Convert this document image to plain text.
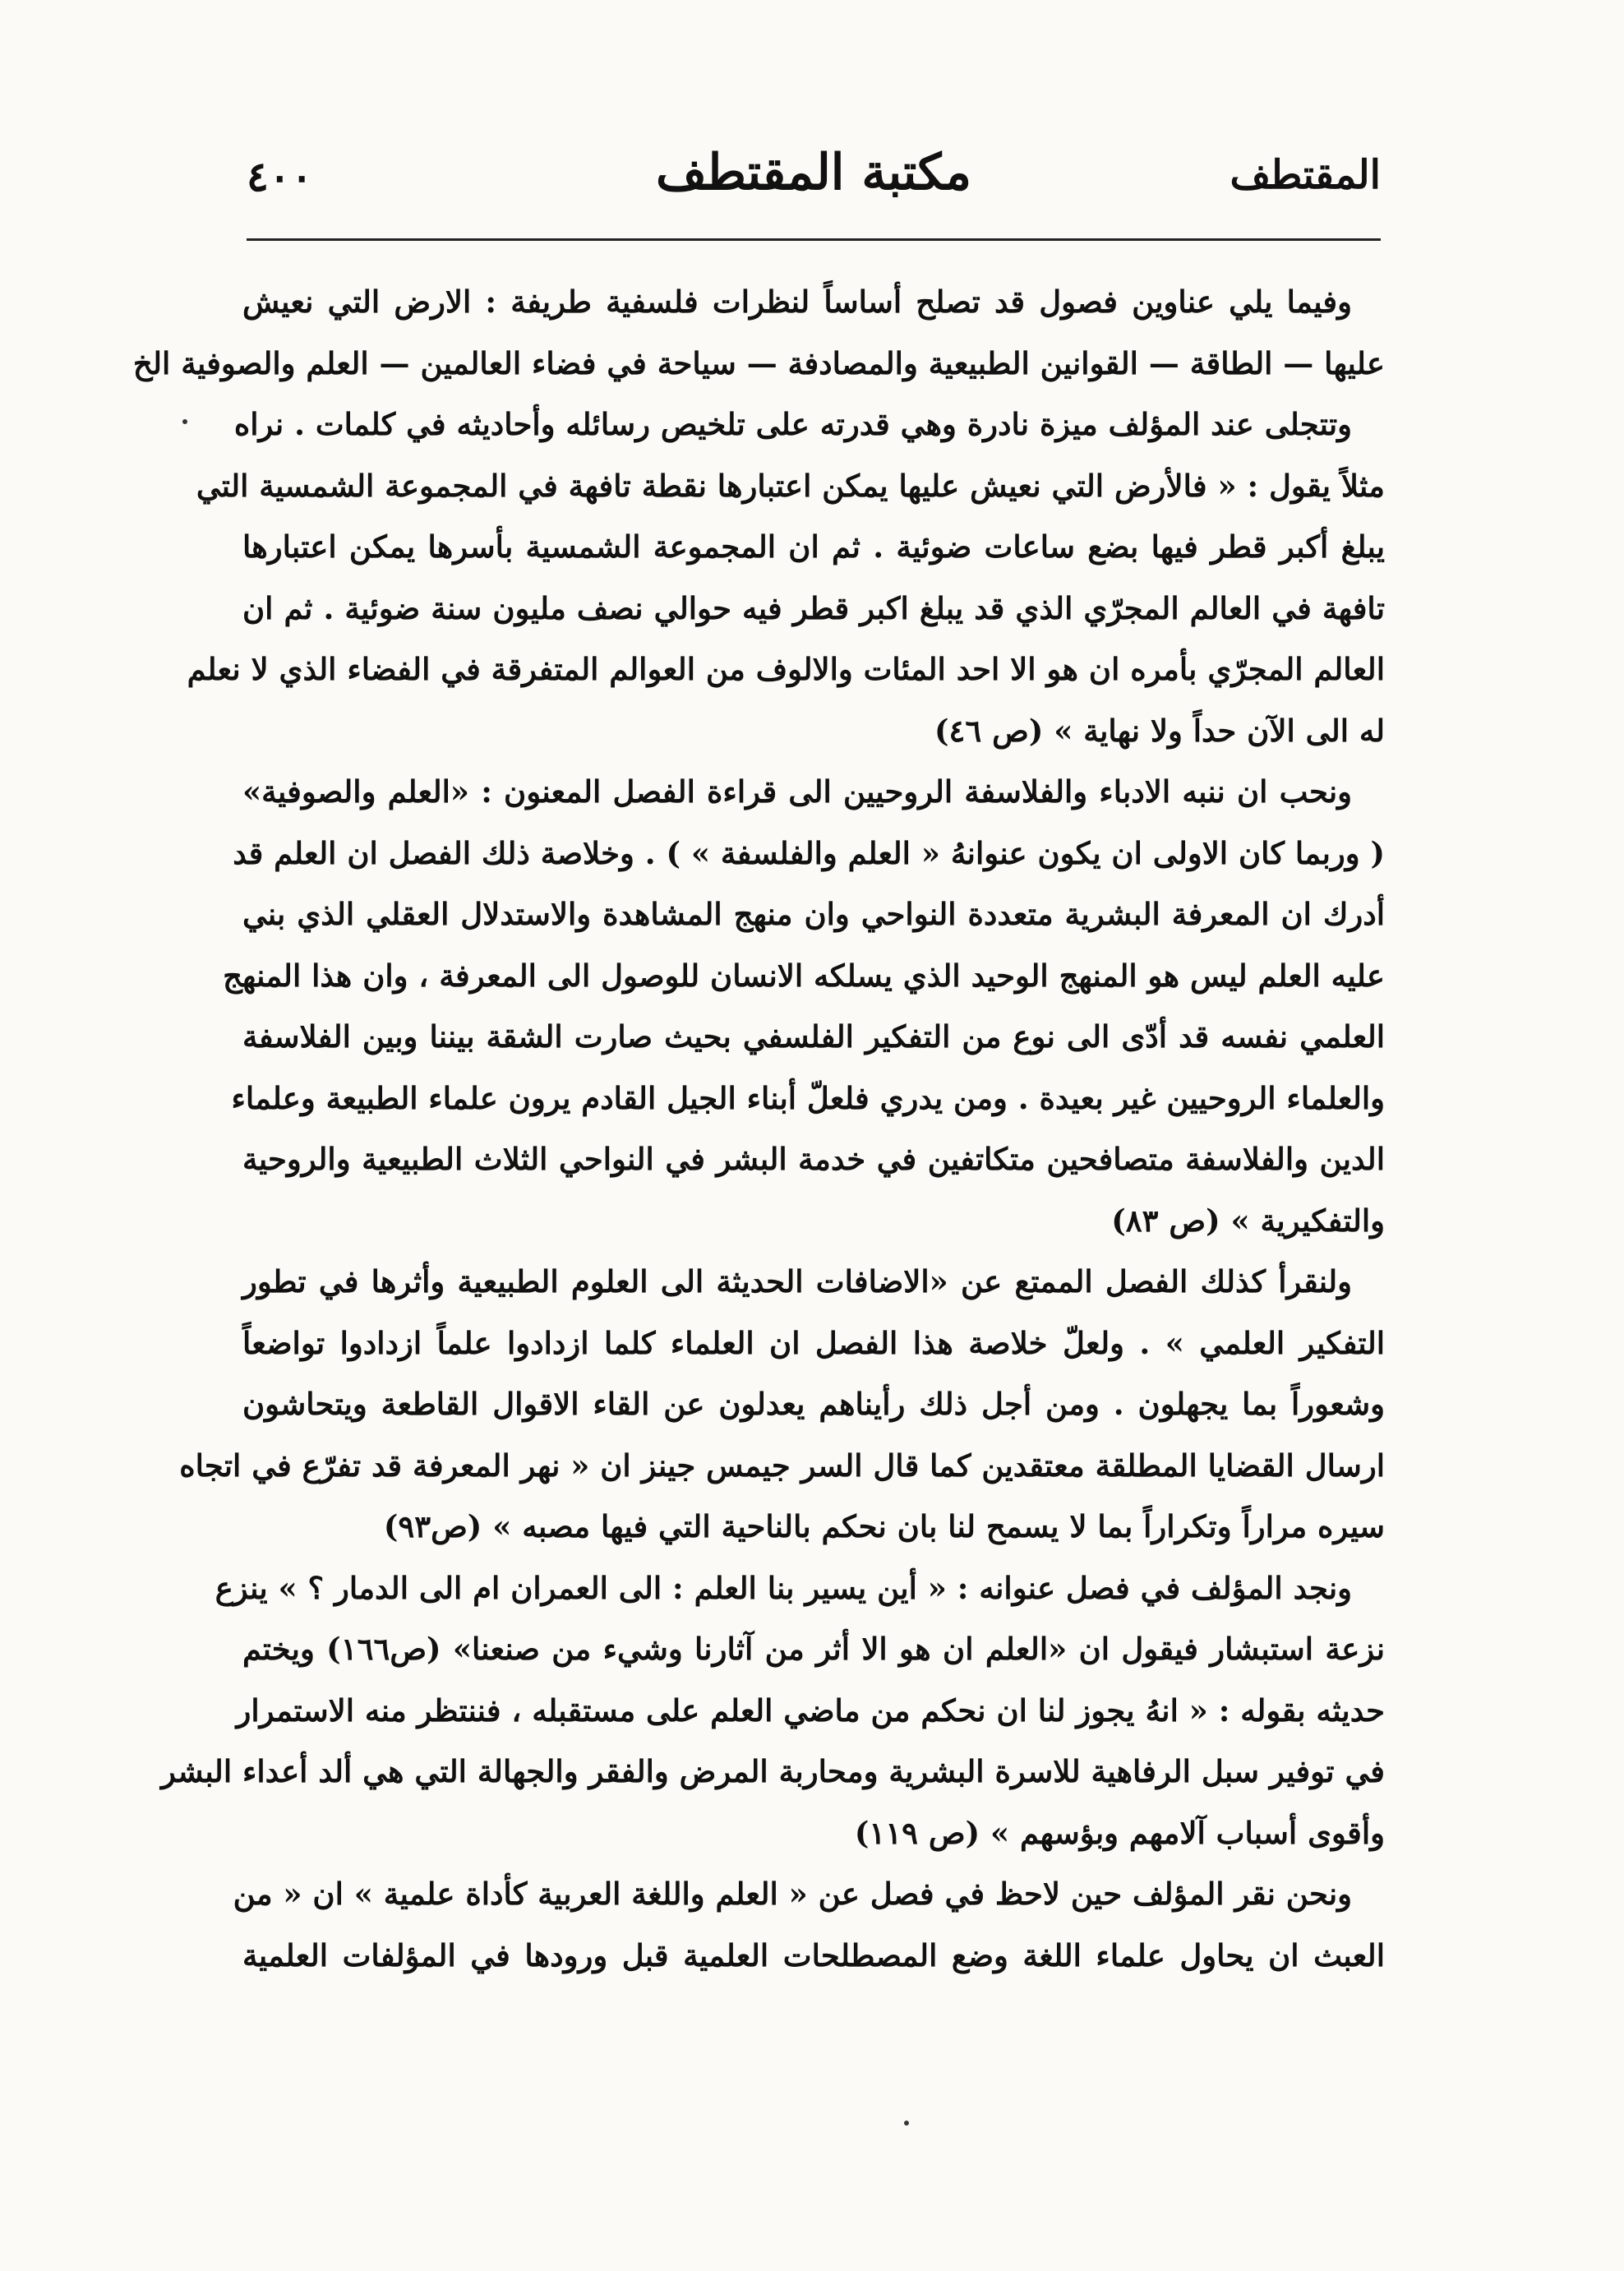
المقتطف
مكتبة المقتطف
٤٠٠
وفيما يلي عناوين فصول قد تصلح أساساً لنظرات فلسفية طريفة : الارض التي نعيش
عليها — الطاقة — القوانين الطبيعية والمصادفة — سياحة في فضاء العالمين — العلم والصوفية الخ
وتتجلى عند المؤلف ميزة نادرة وهي قدرته على تلخيص رسائله وأحاديثه في كلمات . نراه
مثلاً يقول : « فالأرض التي نعيش عليها يمكن اعتبارها نقطة تافهة في المجموعة الشمسية التي
يبلغ أكبر قطر فيها بضع ساعات ضوئية . ثم ان المجموعة الشمسية بأسرها يمكن اعتبارها
تافهة في العالم المجرّي الذي قد يبلغ اكبر قطر فيه حوالي نصف مليون سنة ضوئية . ثم ان
العالم المجرّي بأمره ان هو الا احد المئات والالوف من العوالم المتفرقة في الفضاء الذي لا نعلم
له الى الآن حداً ولا نهاية » (ص ٤٦)
ونحب ان ننبه الادباء والفلاسفة الروحيين الى قراءة الفصل المعنون : «العلم والصوفية»
( وربما كان الاولى ان يكون عنوانهُ « العلم والفلسفة » ) . وخلاصة ذلك الفصل ان العلم قد
أدرك ان المعرفة البشرية متعددة النواحي وان منهج المشاهدة والاستدلال العقلي الذي بني
عليه العلم ليس هو المنهج الوحيد الذي يسلكه الانسان للوصول الى المعرفة ، وان هذا المنهج
العلمي نفسه قد أدّى الى نوع من التفكير الفلسفي بحيث صارت الشقة بيننا وبين الفلاسفة
والعلماء الروحيين غير بعيدة . ومن يدري فلعلّ أبناء الجيل القادم يرون علماء الطبيعة وعلماء
الدين والفلاسفة متصافحين متكاتفين في خدمة البشر في النواحي الثلاث الطبيعية والروحية
والتفكيرية » (ص ٨٣)
ولنقرأ كذلك الفصل الممتع عن «الاضافات الحديثة الى العلوم الطبيعية وأثرها في تطور
التفكير العلمي » . ولعلّ خلاصة هذا الفصل ان العلماء كلما ازدادوا علماً ازدادوا تواضعاً
وشعوراً بما يجهلون . ومن أجل ذلك رأيناهم يعدلون عن القاء الاقوال القاطعة ويتحاشون
ارسال القضايا المطلقة معتقدين كما قال السر جيمس جينز ان « نهر المعرفة قد تفرّع في اتجاه
سيره مراراً وتكراراً بما لا يسمح لنا بان نحكم بالناحية التي فيها مصبه » (ص٩٣)
ونجد المؤلف في فصل عنوانه : « أين يسير بنا العلم : الى العمران ام الى الدمار ؟ » ينزع
نزعة استبشار فيقول ان «العلم ان هو الا أثر من آثارنا وشيء من صنعنا» (ص١٦٦) ويختم
حديثه بقوله : « انهُ يجوز لنا ان نحكم من ماضي العلم على مستقبله ، فننتظر منه الاستمرار
في توفير سبل الرفاهية للاسرة البشرية ومحاربة المرض والفقر والجهالة التي هي ألد أعداء البشر
وأقوى أسباب آلامهم وبؤسهم » (ص ١١٩)
ونحن نقر المؤلف حين لاحظ في فصل عن « العلم واللغة العربية كأداة علمية » ان « من
العبث ان يحاول علماء اللغة وضع المصطلحات العلمية قبل ورودها في المؤلفات العلمية
